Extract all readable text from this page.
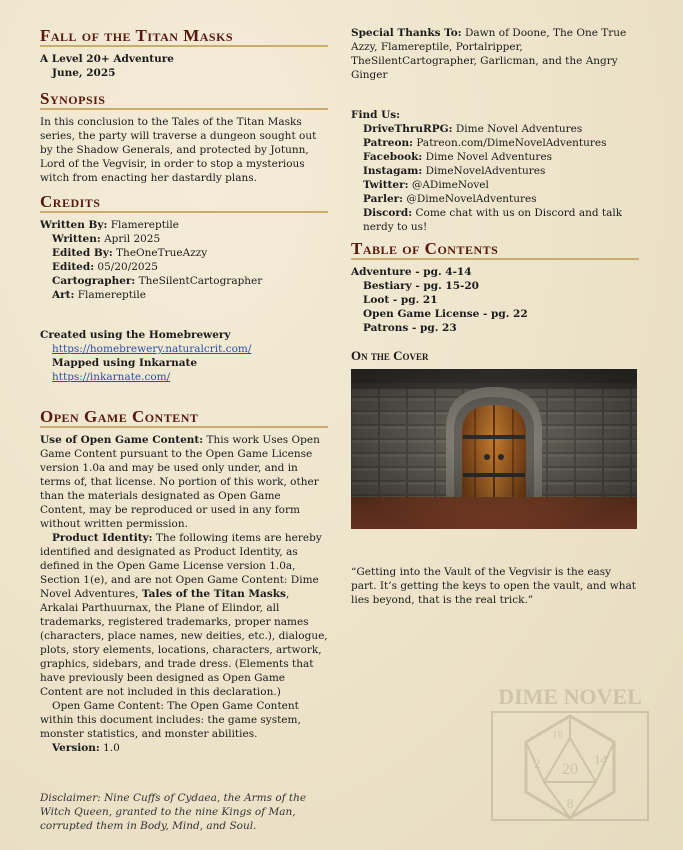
Fall of the Titan Masks
A Level 20+ Adventure
June, 2025
Synopsis
In this conclusion to the Tales of the Titan Masks series, the party will traverse a dungeon sought out by the Shadow Generals, and protected by Jotunn, Lord of the Vegvisir, in order to stop a mysterious witch from enacting her dastardly plans.
Credits
Written By: Flamereptile
Written: April 2025
Edited By: TheOneTrueAzzy
Edited: 05/20/2025
Cartographer: TheSilentCartographer
Art: Flamereptile
Created using the Homebrewery
https://homebrewery.naturalcrit.com/
Mapped using Inkarnate
https://inkarnate.com/
Open Game Content
Use of Open Game Content: This work Uses Open Game Content pursuant to the Open Game License version 1.0a and may be used only under, and in terms of, that license. No portion of this work, other than the materials designated as Open Game Content, may be reproduced or used in any form without written permission.
Product Identity: The following items are hereby identified and designated as Product Identity, as defined in the Open Game License version 1.0a, Section 1(e), and are not Open Game Content: Dime Novel Adventures, Tales of the Titan Masks, Arkalai Parthuurnax, the Plane of Elindor, all trademarks, registered trademarks, proper names (characters, place names, new deities, etc.), dialogue, plots, story elements, locations, characters, artwork, graphics, sidebars, and trade dress. (Elements that have previously been designed as Open Game Content are not included in this declaration.)
Open Game Content: The Open Game Content within this document includes: the game system, monster statistics, and monster abilities.
Version: 1.0
Disclaimer: Nine Cuffs of Cydaea, the Arms of the Witch Queen, granted to the nine Kings of Man, corrupted them in Body, Mind, and Soul.
Special Thanks To: Dawn of Doone, The One True Azzy, Flamereptile, Portalripper, TheSilentCartographer, Garlicman, and the Angry Ginger
Find Us:
DriveThruRPG: Dime Novel Adventures
Patreon: Patreon.com/DimeNovelAdventures
Facebook: Dime Novel Adventures
Instagam: DimeNovelAdventures
Twitter: @ADimeNovel
Parler: @DimeNovelAdventures
Discord: Come chat with us on Discord and talk nerdy to us!
Table of Contents
Adventure - pg. 4-14
Bestiary - pg. 15-20
Loot - pg. 21
Open Game License - pg. 22
Patrons - pg. 23
On the Cover
“Getting into the Vault of the Vegvisir is the easy part. It’s getting the keys to open the vault, and what lies beyond, that is the real trick.”
DIME NOVEL
18
2	14
20
8
